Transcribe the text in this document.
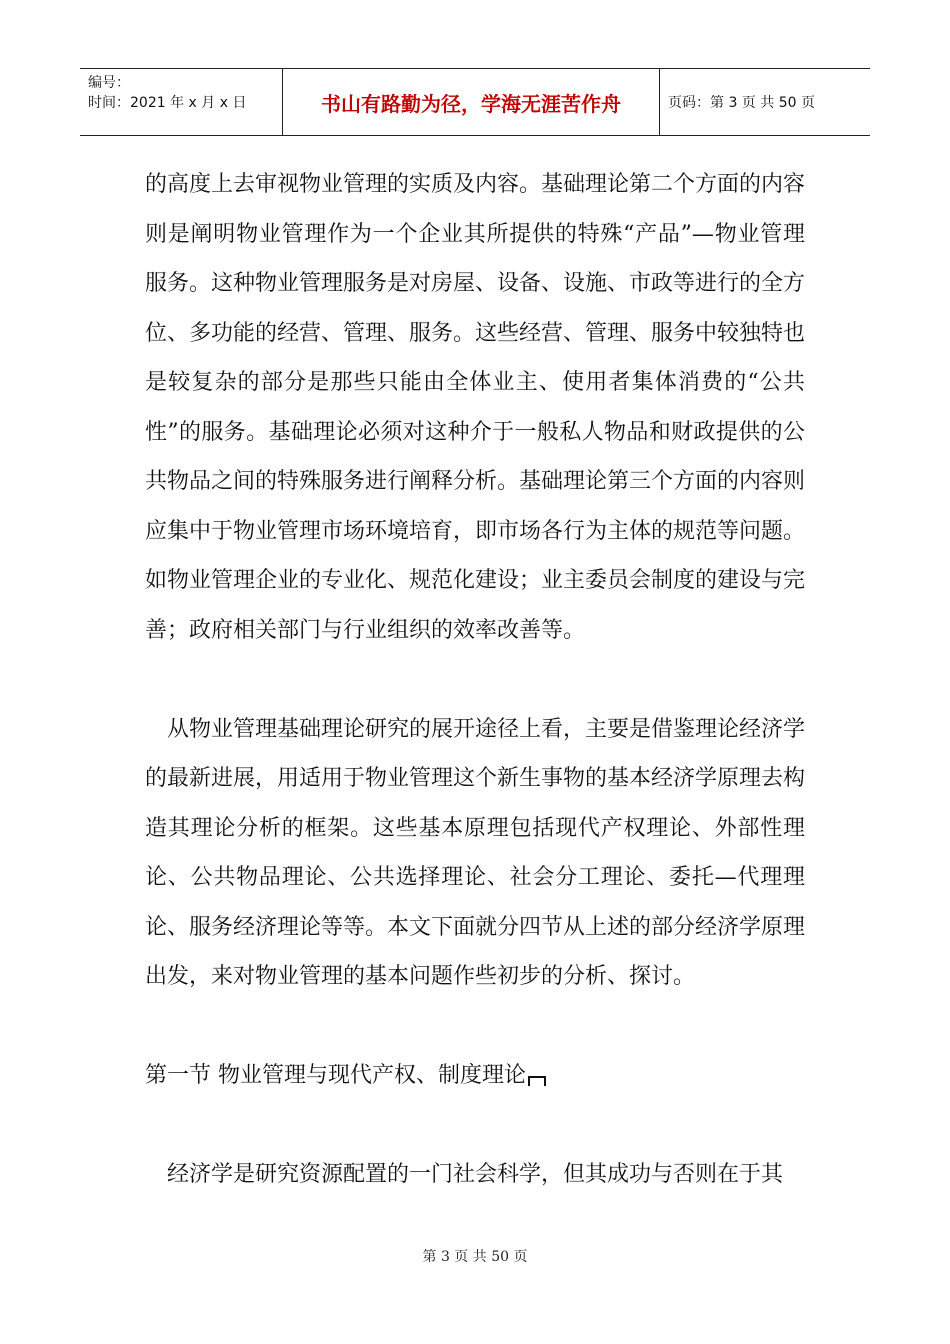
编号：
时间：2021 年 x 月 x 日	书山有路勤为径，学海无涯苦作舟	页码：第 3 页 共 50 页

的高度上去审视物业管理的实质及内容。基础理论第二个方面的内容则是阐明物业管理作为一个企业其所提供的特殊“产品”—物业管理服务。这种物业管理服务是对房屋、设备、设施、市政等进行的全方位、多功能的经营、管理、服务。这些经营、管理、服务中较独特也是较复杂的部分是那些只能由全体业主、使用者集体消费的“公共性”的服务。基础理论必须对这种介于一般私人物品和财政提供的公共物品之间的特殊服务进行阐释分析。基础理论第三个方面的内容则应集中于物业管理市场环境培育，即市场各行为主体的规范等问题。如物业管理企业的专业化、规范化建设；业主委员会制度的建设与完善；政府相关部门与行业组织的效率改善等。

从物业管理基础理论研究的展开途径上看，主要是借鉴理论经济学的最新进展，用适用于物业管理这个新生事物的基本经济学原理去构造其理论分析的框架。这些基本原理包括现代产权理论、外部性理论、公共物品理论、公共选择理论、社会分工理论、委托—代理理论、服务经济理论等等。本文下面就分四节从上述的部分经济学原理出发，来对物业管理的基本问题作些初步的分析、探讨。

第一节 物业管理与现代产权、制度理论

经济学是研究资源配置的一门社会科学，但其成功与否则在于其

第 3 页 共 50 页
